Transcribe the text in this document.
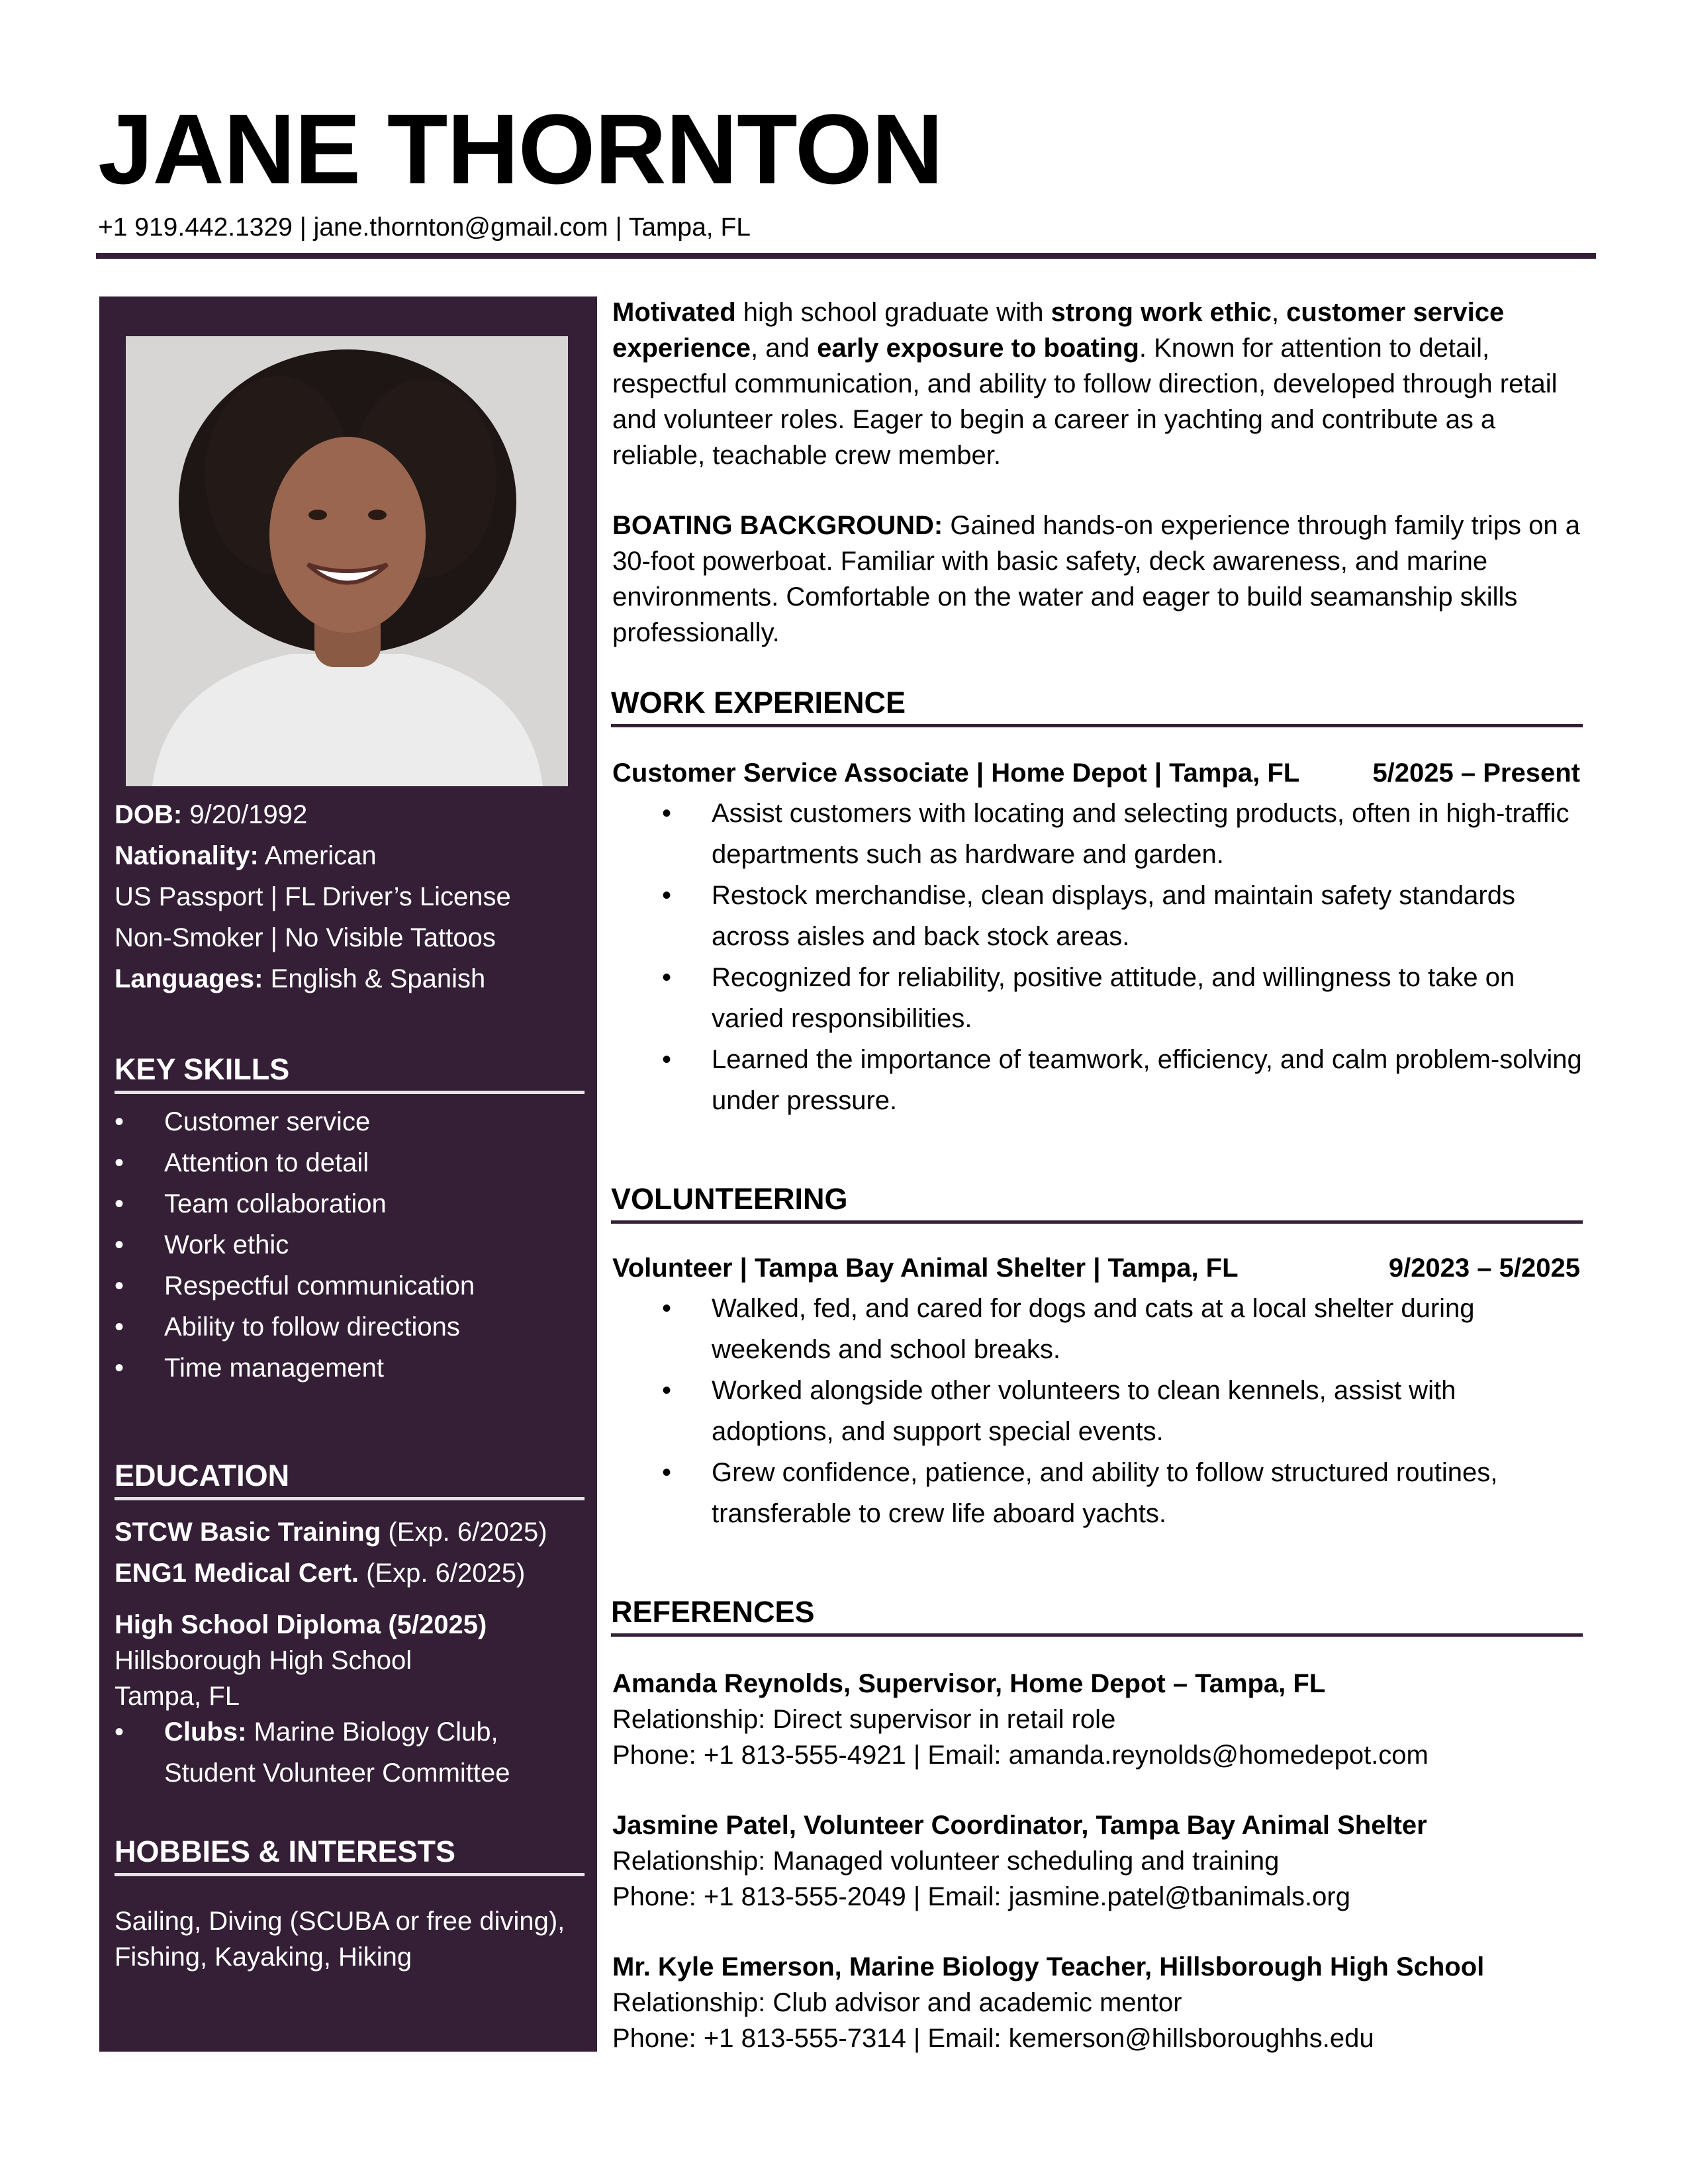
JANE THORNTON
+1 919.442.1329 | jane.thornton@gmail.com | Tampa, FL
DOB: 9/20/1992
Nationality: American
US Passport | FL Driver’s License
Non-Smoker | No Visible Tattoos
Languages: English & Spanish
KEY SKILLS
• Customer service
• Attention to detail
• Team collaboration
• Work ethic
• Respectful communication
• Ability to follow directions
• Time management
EDUCATION
STCW Basic Training (Exp. 6/2025)
ENG1 Medical Cert. (Exp. 6/2025)
High School Diploma (5/2025)
Hillsborough High School
Tampa, FL
• Clubs: Marine Biology Club, Student Volunteer Committee
HOBBIES & INTERESTS
Sailing, Diving (SCUBA or free diving), Fishing, Kayaking, Hiking
Motivated high school graduate with strong work ethic, customer service experience, and early exposure to boating. Known for attention to detail, respectful communication, and ability to follow direction, developed through retail and volunteer roles. Eager to begin a career in yachting and contribute as a reliable, teachable crew member.
BOATING BACKGROUND: Gained hands-on experience through family trips on a 30-foot powerboat. Familiar with basic safety, deck awareness, and marine environments. Comfortable on the water and eager to build seamanship skills professionally.
WORK EXPERIENCE
Customer Service Associate | Home Depot | Tampa, FL	5/2025 – Present
• Assist customers with locating and selecting products, often in high-traffic departments such as hardware and garden.
• Restock merchandise, clean displays, and maintain safety standards across aisles and back stock areas.
• Recognized for reliability, positive attitude, and willingness to take on varied responsibilities.
• Learned the importance of teamwork, efficiency, and calm problem-solving under pressure.
VOLUNTEERING
Volunteer | Tampa Bay Animal Shelter | Tampa, FL	9/2023 – 5/2025
• Walked, fed, and cared for dogs and cats at a local shelter during weekends and school breaks.
• Worked alongside other volunteers to clean kennels, assist with adoptions, and support special events.
• Grew confidence, patience, and ability to follow structured routines, transferable to crew life aboard yachts.
REFERENCES
Amanda Reynolds, Supervisor, Home Depot – Tampa, FL
Relationship: Direct supervisor in retail role
Phone: +1 813-555-4921 | Email: amanda.reynolds@homedepot.com
Jasmine Patel, Volunteer Coordinator, Tampa Bay Animal Shelter
Relationship: Managed volunteer scheduling and training
Phone: +1 813-555-2049 | Email: jasmine.patel@tbanimals.org
Mr. Kyle Emerson, Marine Biology Teacher, Hillsborough High School
Relationship: Club advisor and academic mentor
Phone: +1 813-555-7314 | Email: kemerson@hillsboroughhs.edu
